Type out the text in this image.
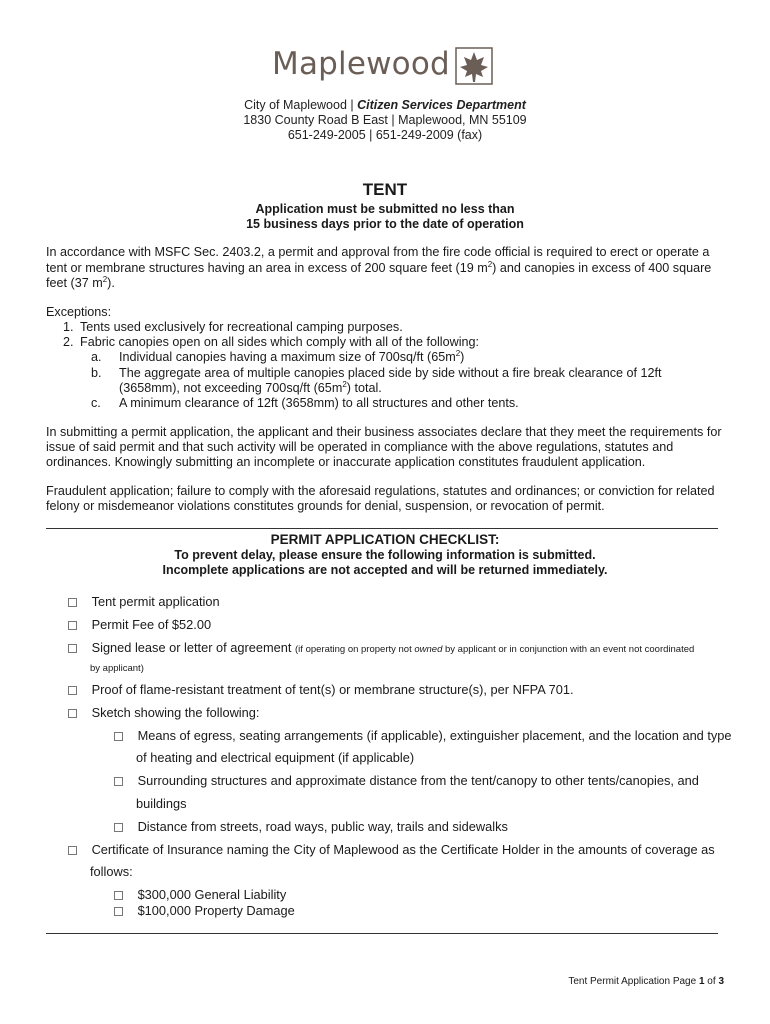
Maplewood
City of Maplewood | Citizen Services Department
1830 County Road B East | Maplewood, MN 55109
651-249-2005 | 651-249-2009 (fax)
TENT
Application must be submitted no less than
15 business days prior to the date of operation
In accordance with MSFC Sec. 2403.2, a permit and approval from the fire code official is required to erect or operate a
tent or membrane structures having an area in excess of 200 square feet (19 $m^2$) and canopies in excess of 400 square
feet (37 $m^2$).
Exceptions:
1. Tents used exclusively for recreational camping purposes.
2. Fabric canopies open on all sides which comply with all of the following:
a. Individual canopies having a maximum size of 700sq/ft $(65m^2)$
b. The aggregate area of multiple canopies placed side by side without a fire break clearance of 12ft
(3658mm), not exceeding 700sq/ft $(65m^2)$ total.
c. A minimum clearance of 12ft (3658mm) to all structures and other tents.
In submitting a permit application, the applicant and their business associates declare that they meet the requirements for
issue of said permit and that such activity will be operated in compliance with the above regulations, statutes and
ordinances. Knowingly submitting an incomplete or inaccurate application constitutes fraudulent application.
Fraudulent application; failure to comply with the aforesaid regulations, statutes and ordinances; or conviction for related
felony or misdemeanor violations constitutes grounds for denial, suspension, or revocation of permit.
PERMIT APPLICATION CHECKLIST:
To prevent delay, please ensure the following information is submitted.
Incomplete applications are not accepted and will be returned immediately.
Tent permit application
Permit Fee of $52.00
Signed lease or letter of agreement (if operating on property not owned by applicant or in conjunction with an event not coordinated
by applicant)
Proof of flame-resistant treatment of tent(s) or membrane structure(s), per NFPA 701.
Sketch showing the following:
Means of egress, seating arrangements (if applicable), extinguisher placement, and the location and type
of heating and electrical equipment (if applicable)
Surrounding structures and approximate distance from the tent/canopy to other tents/canopies, and
buildings
Distance from streets, road ways, public way, trails and sidewalks
Certificate of Insurance naming the City of Maplewood as the Certificate Holder in the amounts of coverage as
follows:
$300,000 General Liability
$100,000 Property Damage
Tent Permit Application Page 1 of 3
